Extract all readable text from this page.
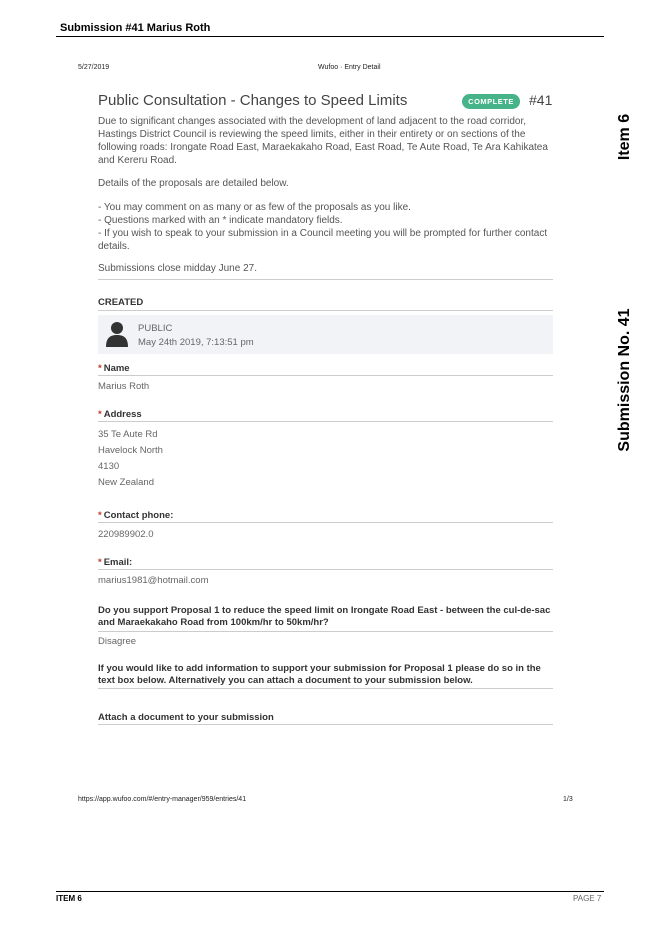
Submission #41 Marius Roth
5/27/2019	Wufoo · Entry Detail
Public Consultation - Changes to Speed Limits	COMPLETE	#41
Due to significant changes associated with the development of land adjacent to the road corridor, Hastings District Council is reviewing the speed limits, either in their entirety or on sections of the following roads: Irongate Road East, Maraekakaho Road, East Road, Te Aute Road, Te Ara Kahikatea and Kereru Road.
Details of the proposals are detailed below.
- You may comment on as many or as few of the proposals as you like.
- Questions marked with an * indicate mandatory fields.
- If you wish to speak to your submission in a Council meeting you will be prompted for further contact details.
Submissions close midday June 27.
CREATED
PUBLIC
May 24th 2019, 7:13:51 pm
* Name
Marius Roth
* Address
35 Te Aute Rd
Havelock North
4130
New Zealand
* Contact phone:
220989902.0
* Email:
marius1981@hotmail.com
Do you support Proposal 1 to reduce the speed limit on Irongate Road East - between the cul-de-sac and Maraekakaho Road from 100km/hr to 50km/hr?
Disagree
If you would like to add information to support your submission for Proposal 1 please do so in the text box below. Alternatively you can attach a document to your submission below.
Attach a document to your submission
https://app.wufoo.com/#/entry-manager/959/entries/41	1/3
ITEM 6	PAGE 7
Item 6
Submission No. 41
